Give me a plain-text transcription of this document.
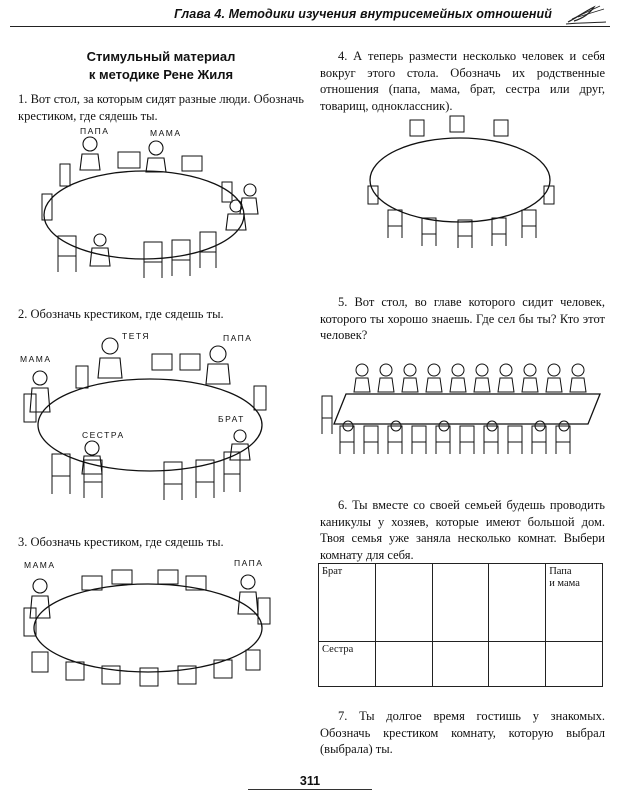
Глава 4. Методики изучения внутрисемейных отношений
Стимульный материал
к методике Рене Жиля

1. Вот стол, за которым сидят разные люди. Обозначь крестиком, где сядешь ты.

ПАПА	МАМА

2. Обозначь крестиком, где сядешь ты.

ТЕТЯ	ПАПА
МАМА
БРАТ
СЕСТРА

3. Обозначь крестиком, где сядешь ты.

МАМА	ПАПА

4. А теперь размести несколько человек и себя вокруг этого стола. Обозначь их родственные отношения (папа, мама, брат, сестра или друг, товарищ, одноклассник).

5. Вот стол, во главе которого сидит человек, которого ты хорошо знаешь. Где сел бы ты? Кто этот человек?

6. Ты вместе со своей семьей будешь проводить каникулы у хозяев, которые имеют большой дом. Твоя семья уже заняла несколько комнат. Выбери комнату для себя.

Брат				Папа
и мама
Сестра				

7. Ты долгое время гостишь у знакомых. Обозначь крестиком комнату, которую выбрал (выбрала) ты.

311
